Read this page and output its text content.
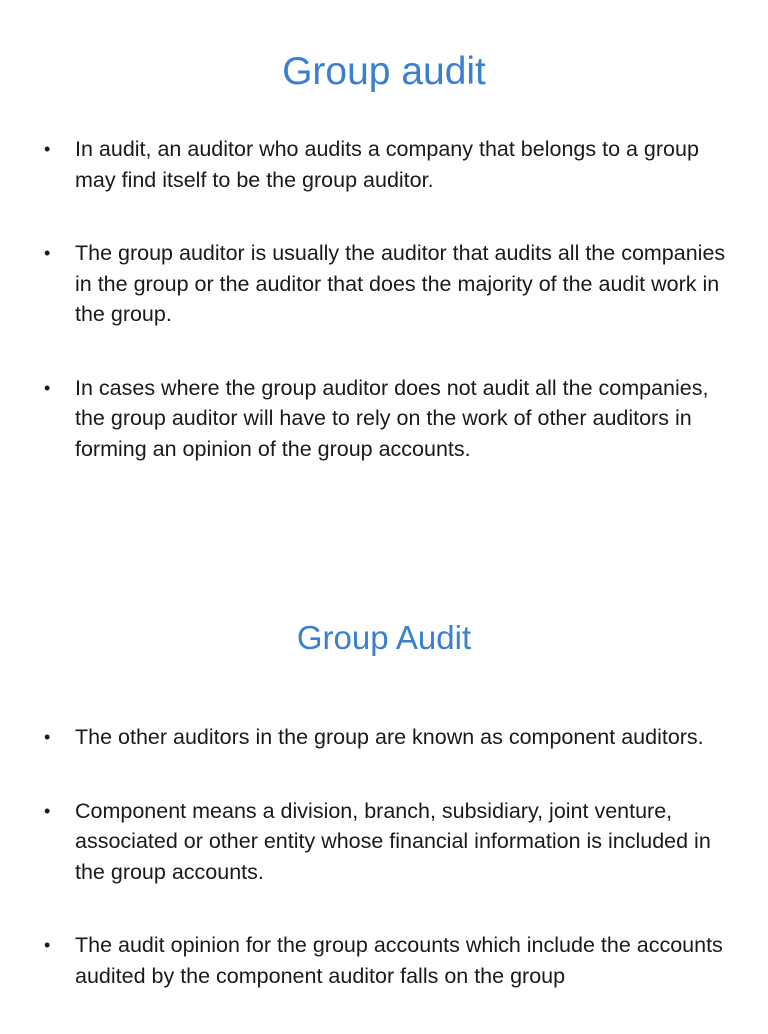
Group audit
• In audit, an auditor who audits a company that belongs to a group may find itself to be the group auditor.
• The group auditor is usually the auditor that audits all the companies in the group or the auditor that does the majority of the audit work in the group.
• In cases where the group auditor does not audit all the companies, the group auditor will have to rely on the work of other auditors in forming an opinion of the group accounts.
Group Audit
• The other auditors in the group are known as component auditors.
• Component means a division, branch, subsidiary, joint venture, associated or other entity whose financial information is included in the group accounts.
• The audit opinion for the group accounts which include the accounts audited by the component auditor falls on the group
